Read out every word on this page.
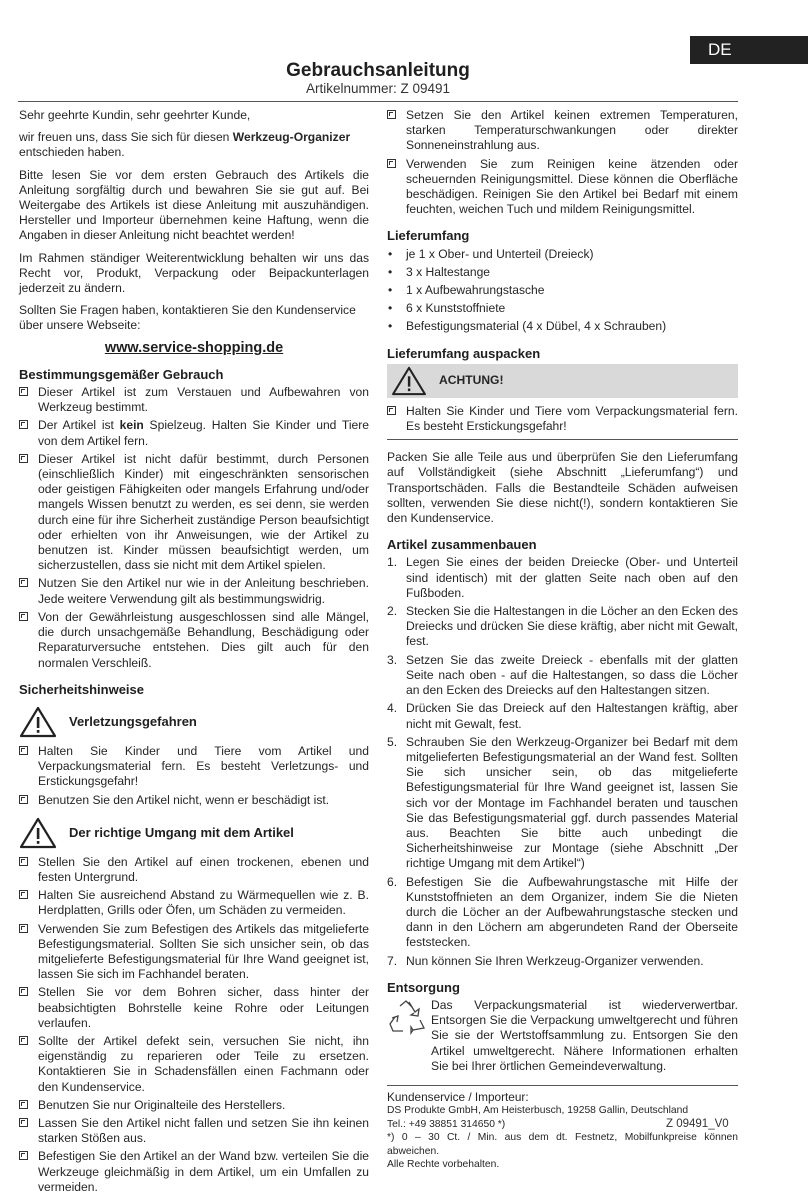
DE
Gebrauchsanleitung
Artikelnummer: Z 09491

Sehr geehrte Kundin, sehr geehrter Kunde,

wir freuen uns, dass Sie sich für diesen Werkzeug-Organizer entschieden haben.

Bitte lesen Sie vor dem ersten Gebrauch des Artikels die Anleitung sorgfältig durch und bewahren Sie sie gut auf. Bei Weitergabe des Artikels ist diese Anleitung mit auszuhändigen. Hersteller und Importeur übernehmen keine Haftung, wenn die Angaben in dieser Anleitung nicht beachtet werden!

Im Rahmen ständiger Weiterentwicklung behalten wir uns das Recht vor, Produkt, Verpackung oder Beipackunterlagen jederzeit zu ändern.

Sollten Sie Fragen haben, kontaktieren Sie den Kundenservice über unsere Webseite:

www.service-shopping.de
Bestimmungsgemäßer Gebrauch
Dieser Artikel ist zum Verstauen und Aufbewahren von Werkzeug bestimmt.
Der Artikel ist kein Spielzeug. Halten Sie Kinder und Tiere von dem Artikel fern.
Dieser Artikel ist nicht dafür bestimmt, durch Personen (einschließlich Kinder) mit eingeschränkten sensorischen oder geistigen Fähigkeiten oder mangels Erfahrung und/oder mangels Wissen benutzt zu werden, es sei denn, sie werden durch eine für ihre Sicherheit zuständige Person beaufsichtigt oder erhielten von ihr Anweisungen, wie der Artikel zu benutzen ist. Kinder müssen beaufsichtigt werden, um sicherzustellen, dass sie nicht mit dem Artikel spielen.
Nutzen Sie den Artikel nur wie in der Anleitung beschrieben. Jede weitere Verwendung gilt als bestimmungswidrig.
Von der Gewährleistung ausgeschlossen sind alle Mängel, die durch unsachgemäße Behandlung, Beschädigung oder Reparaturversuche entstehen. Dies gilt auch für den normalen Verschleiß.
Sicherheitshinweise
Verletzungsgefahren
Halten Sie Kinder und Tiere vom Artikel und Verpackungsmaterial fern. Es besteht Verletzungs- und Erstickungsgefahr!
Benutzen Sie den Artikel nicht, wenn er beschädigt ist.
Der richtige Umgang mit dem Artikel
Stellen Sie den Artikel auf einen trockenen, ebenen und festen Untergrund.
Halten Sie ausreichend Abstand zu Wärmequellen wie z. B. Herdplatten, Grills oder Öfen, um Schäden zu vermeiden.
Verwenden Sie zum Befestigen des Artikels das mitgelieferte Befestigungsmaterial. Sollten Sie sich unsicher sein, ob das mitgelieferte Befestigungsmaterial für Ihre Wand geeignet ist, lassen Sie sich im Fachhandel beraten.
Stellen Sie vor dem Bohren sicher, dass hinter der beabsichtigten Bohrstelle keine Rohre oder Leitungen verlaufen.
Sollte der Artikel defekt sein, versuchen Sie nicht, ihn eigenständig zu reparieren oder Teile zu ersetzen. Kontaktieren Sie in Schadensfällen einen Fachmann oder den Kundenservice.
Benutzen Sie nur Originalteile des Herstellers.
Lassen Sie den Artikel nicht fallen und setzen Sie ihn keinen starken Stößen aus.
Befestigen Sie den Artikel an der Wand bzw. verteilen Sie die Werkzeuge gleichmäßig in dem Artikel, um ein Umfallen zu vermeiden.
Setzen Sie den Artikel keinen extremen Temperaturen, starken Temperaturschwankungen oder direkter Sonneneinstrahlung aus.
Verwenden Sie zum Reinigen keine ätzenden oder scheuernden Reinigungsmittel. Diese können die Oberfläche beschädigen. Reinigen Sie den Artikel bei Bedarf mit einem feuchten, weichen Tuch und mildem Reinigungsmittel.
Lieferumfang
• je 1 x Ober- und Unterteil (Dreieck)
• 3 x Haltestange
• 1 x Aufbewahrungstasche
• 6 x Kunststoffniete
• Befestigungsmaterial (4 x Dübel, 4 x Schrauben)
Lieferumfang auspacken
ACHTUNG!
Halten Sie Kinder und Tiere vom Verpackungsmaterial fern. Es besteht Erstickungsgefahr!

Packen Sie alle Teile aus und überprüfen Sie den Lieferumfang auf Vollständigkeit (siehe Abschnitt „Lieferumfang“) und Transportschäden. Falls die Bestandteile Schäden aufweisen sollten, verwenden Sie diese nicht(!), sondern kontaktieren Sie den Kundenservice.

Artikel zusammenbauen
1. Legen Sie eines der beiden Dreiecke (Ober- und Unterteil sind identisch) mit der glatten Seite nach oben auf den Fußboden.
2. Stecken Sie die Haltestangen in die Löcher an den Ecken des Dreiecks und drücken Sie diese kräftig, aber nicht mit Gewalt, fest.
3. Setzen Sie das zweite Dreieck - ebenfalls mit der glatten Seite nach oben - auf die Haltestangen, so dass die Löcher an den Ecken des Dreiecks auf den Haltestangen sitzen.
4. Drücken Sie das Dreieck auf den Haltestangen kräftig, aber nicht mit Gewalt, fest.
5. Schrauben Sie den Werkzeug-Organizer bei Bedarf mit dem mitgelieferten Befestigungsmaterial an der Wand fest. Sollten Sie sich unsicher sein, ob das mitgelieferte Befestigungsmaterial für Ihre Wand geeignet ist, lassen Sie sich vor der Montage im Fachhandel beraten und tauschen Sie das Befestigungsmaterial ggf. durch passendes Material aus. Beachten Sie bitte auch unbedingt die Sicherheitshinweise zur Montage (siehe Abschnitt „Der richtige Umgang mit dem Artikel“)
6. Befestigen Sie die Aufbewahrungstasche mit Hilfe der Kunststoffnieten an dem Organizer, indem Sie die Nieten durch die Löcher an der Aufbewahrungstasche stecken und dann in den Löchern am abgerundeten Rand der Oberseite feststecken.
7. Nun können Sie Ihren Werkzeug-Organizer verwenden.
Entsorgung

Das Verpackungsmaterial ist wiederverwertbar. Entsorgen Sie die Verpackung umweltgerecht und führen Sie sie der Wertstoffsammlung zu. Entsorgen Sie den Artikel umweltgerecht. Nähere Informationen erhalten Sie bei Ihrer örtlichen Gemeindeverwaltung.

Kundenservice / Importeur:
DS Produkte GmbH, Am Heisterbusch, 19258 Gallin, Deutschland
Tel.: +49 38851 314650 *)
*) 0 – 30 Ct. / Min. aus dem dt. Festnetz, Mobilfunkpreise können abweichen.
Alle Rechte vorbehalten.
Z 09491_V0
